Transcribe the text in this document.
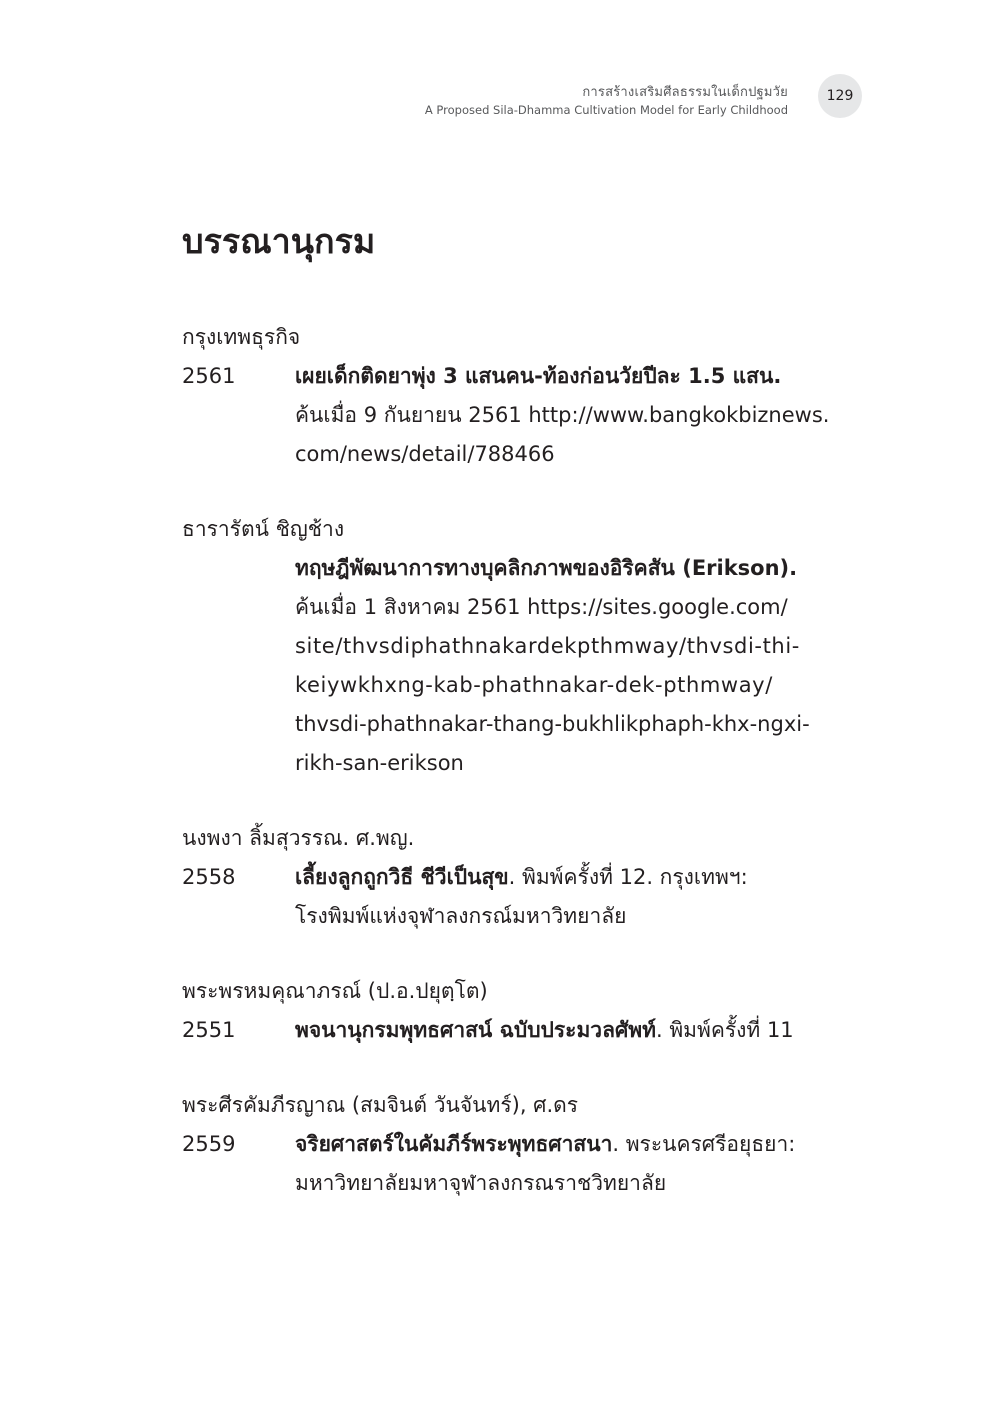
การสร้างเสริมศีลธรรมในเด็กปฐมวัย
A Proposed Sila-Dhamma Cultivation Model for Early Childhood
129
บรรณานุกรม
กรุงเทพธุรกิจ
2561	เผยเด็กติดยาพุ่ง 3 แสนคน-ท้องก่อนวัยปีละ 1.5 แสน.
ค้นเมื่อ 9 กันยายน 2561 http://www.bangkokbiznews.
com/news/detail/788466
ธารารัตน์ ชิญช้าง
ทฤษฎีพัฒนาการทางบุคลิกภาพของอิริคสัน (Erikson).
ค้นเมื่อ 1 สิงหาคม 2561 https://sites.google.com/
site/thvsdiphathnakardekpthmway/thvsdi-thi-
keiywkhxng-kab-phathnakar-dek-pthmway/
thvsdi-phathnakar-thang-bukhlikphaph-khx-ngxi-
rikh-san-erikson
นงพงา ลิ้มสุวรรณ. ศ.พญ.
2558	เลี้ยงลูกถูกวิธี ชีวีเป็นสุข. พิมพ์ครั้งที่ 12. กรุงเทพฯ:
โรงพิมพ์แห่งจุฬาลงกรณ์มหาวิทยาลัย
พระพรหมคุณาภรณ์ (ป.อ.ปยุตฺโต)
2551	พจนานุกรมพุทธศาสน์ ฉบับประมวลศัพท์. พิมพ์ครั้งที่ 11
พระศีรคัมภีรญาณ (สมจินต์ วันจันทร์), ศ.ดร
2559	จริยศาสตร์ในคัมภีร์พระพุทธศาสนา. พระนครศรีอยุธยา:
มหาวิทยาลัยมหาจุฬาลงกรณราชวิทยาลัย
